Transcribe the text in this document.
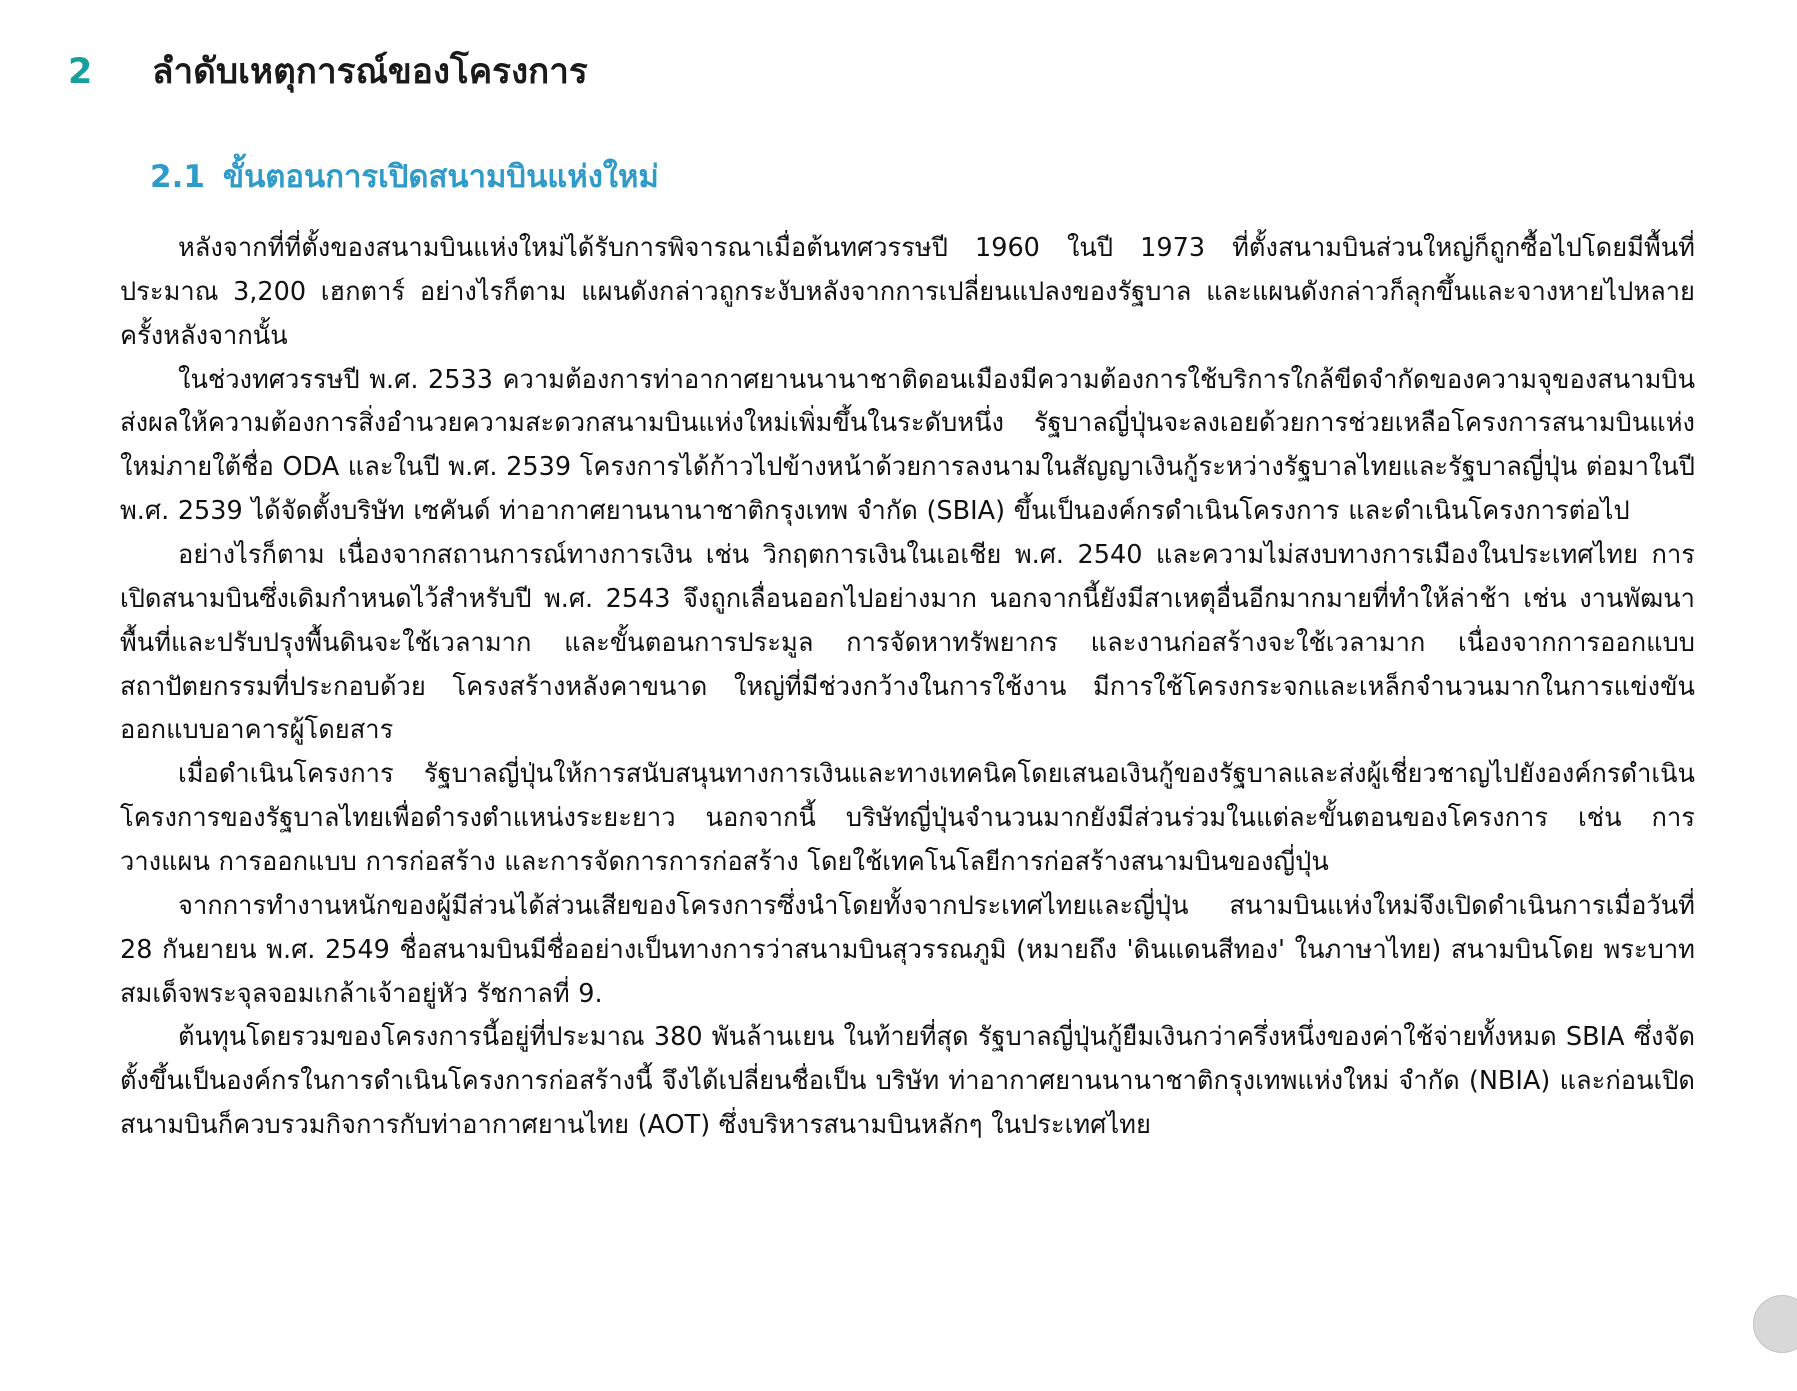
2	ลำดับเหตุการณ์ของโครงการ
2.1 ขั้นตอนการเปิดสนามบินแห่งใหม่

หลังจากที่ที่ตั้งของสนามบินแห่งใหม่ได้รับการพิจารณาเมื่อต้นทศวรรษปี 1960 ในปี 1973 ที่ตั้งสนามบินส่วนใหญ่ก็ถูกซื้อไปโดยมีพื้นที่ประมาณ 3,200 เฮกตาร์ อย่างไรก็ตาม แผนดังกล่าวถูกระงับหลังจากการเปลี่ยนแปลงของรัฐบาล และแผนดังกล่าวก็ลุกขึ้นและจางหายไปหลายครั้งหลังจากนั้น

ในช่วงทศวรรษปี พ.ศ. 2533 ความต้องการท่าอากาศยานนานาชาติดอนเมืองมีความต้องการใช้บริการใกล้ขีดจำกัดของความจุของสนามบิน ส่งผลให้ความต้องการสิ่งอำนวยความสะดวกสนามบินแห่งใหม่เพิ่มขึ้นในระดับหนึ่ง รัฐบาลญี่ปุ่นจะลงเอยด้วยการช่วยเหลือโครงการสนามบินแห่งใหม่ภายใต้ชื่อ ODA และในปี พ.ศ. 2539 โครงการได้ก้าวไปข้างหน้าด้วยการลงนามในสัญญาเงินกู้ระหว่างรัฐบาลไทยและรัฐบาลญี่ปุ่น ต่อมาในปี พ.ศ. 2539 ได้จัดตั้งบริษัท เซคันด์ ท่าอากาศยานนานาชาติกรุงเทพ จำกัด (SBIA) ขึ้นเป็นองค์กรดำเนินโครงการ และดำเนินโครงการต่อไป

อย่างไรก็ตาม เนื่องจากสถานการณ์ทางการเงิน เช่น วิกฤตการเงินในเอเชีย พ.ศ. 2540 และความไม่สงบทางการเมืองในประเทศไทย การเปิดสนามบินซึ่งเดิมกำหนดไว้สำหรับปี พ.ศ. 2543 จึงถูกเลื่อนออกไปอย่างมาก นอกจากนี้ยังมีสาเหตุอื่นอีกมากมายที่ทำให้ล่าช้า เช่น งานพัฒนาพื้นที่และปรับปรุงพื้นดินจะใช้เวลามาก และขั้นตอนการประมูล การจัดหาทรัพยากร และงานก่อสร้างจะใช้เวลามาก เนื่องจากการออกแบบสถาปัตยกรรมที่ประกอบด้วย โครงสร้างหลังคาขนาด ใหญ่ที่มีช่วงกว้างในการใช้งาน มีการใช้โครงกระจกและเหล็กจำนวนมากในการแข่งขันออกแบบอาคารผู้โดยสาร

เมื่อดำเนินโครงการ รัฐบาลญี่ปุ่นให้การสนับสนุนทางการเงินและทางเทคนิคโดยเสนอเงินกู้ของรัฐบาลและส่งผู้เชี่ยวชาญไปยังองค์กรดำเนินโครงการของรัฐบาลไทยเพื่อดำรงตำแหน่งระยะยาว นอกจากนี้ บริษัทญี่ปุ่นจำนวนมากยังมีส่วนร่วมในแต่ละขั้นตอนของโครงการ เช่น การวางแผน การออกแบบ การก่อสร้าง และการจัดการการก่อสร้าง โดยใช้เทคโนโลยีการก่อสร้างสนามบินของญี่ปุ่น

จากการทำงานหนักของผู้มีส่วนได้ส่วนเสียของโครงการซึ่งนำโดยทั้งจากประเทศไทยและญี่ปุ่น สนามบินแห่งใหม่จึงเปิดดำเนินการเมื่อวันที่ 28 กันยายน พ.ศ. 2549 ชื่อสนามบินมีชื่ออย่างเป็นทางการว่าสนามบินสุวรรณภูมิ (หมายถึง 'ดินแดนสีทอง' ในภาษาไทย) สนามบินโดย พระบาทสมเด็จพระจุลจอมเกล้าเจ้าอยู่หัว รัชกาลที่ 9.

ต้นทุนโดยรวมของโครงการนี้อยู่ที่ประมาณ 380 พันล้านเยน ในท้ายที่สุด รัฐบาลญี่ปุ่นกู้ยืมเงินกว่าครึ่งหนึ่งของค่าใช้จ่ายทั้งหมด SBIA ซึ่งจัดตั้งขึ้นเป็นองค์กรในการดำเนินโครงการก่อสร้างนี้ จึงได้เปลี่ยนชื่อเป็น บริษัท ท่าอากาศยานนานาชาติกรุงเทพแห่งใหม่ จำกัด (NBIA) และก่อนเปิดสนามบินก็ควบรวมกิจการกับท่าอากาศยานไทย (AOT) ซึ่งบริหารสนามบินหลักๆ ในประเทศไทย
